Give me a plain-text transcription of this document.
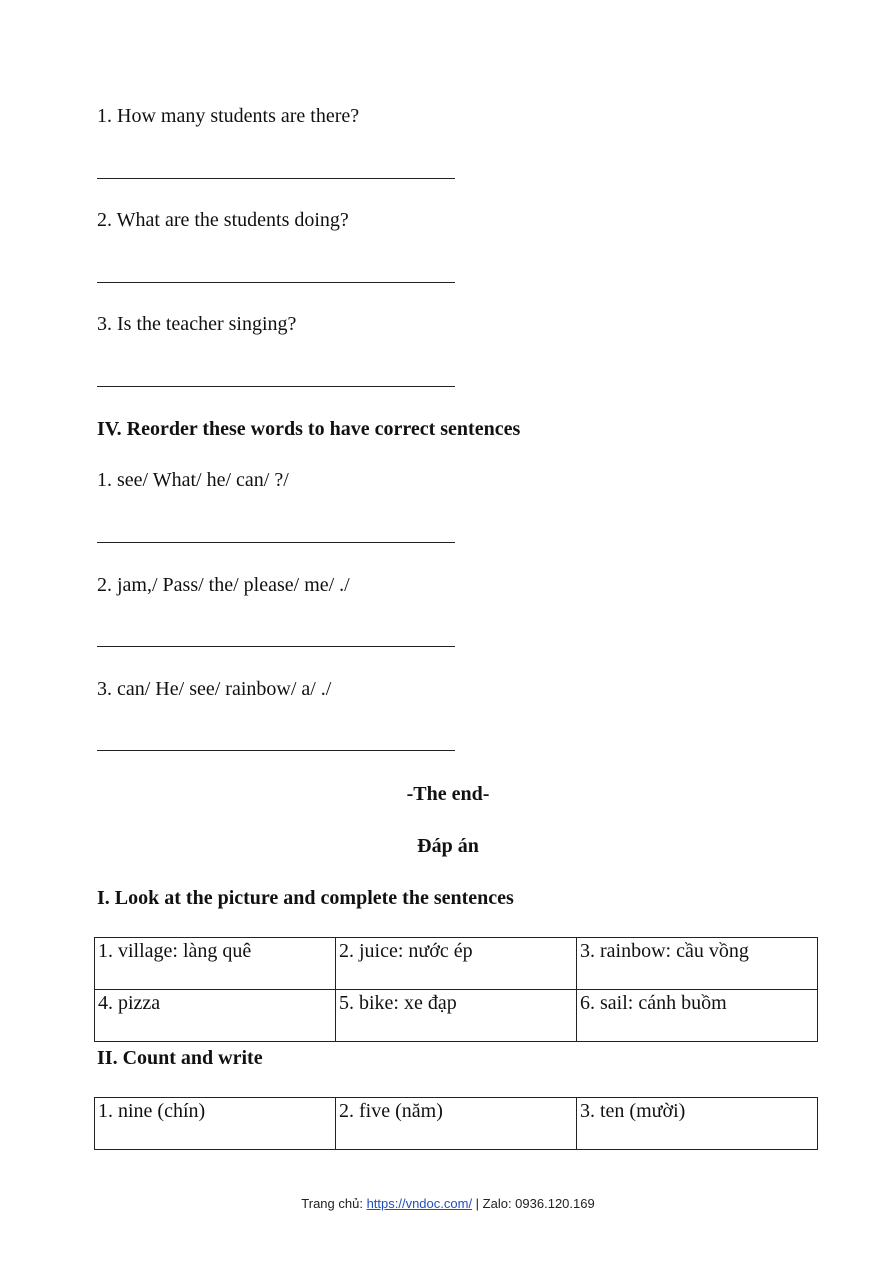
1. How many students are there?
2. What are the students doing?
3. Is the teacher singing?
IV. Reorder these words to have correct sentences
1. see/ What/ he/ can/ ?/
2. jam,/ Pass/ the/ please/ me/ ./
3. can/ He/ see/ rainbow/ a/ ./
-The end-
Đáp án
I. Look at the picture and complete the sentences
1. village: làng quê	2. juice: nước ép	3. rainbow: cầu vồng
4. pizza	5. bike: xe đạp	6. sail: cánh buồm
II. Count and write
1. nine (chín)	2. five (năm)	3. ten (mười)
Trang chủ: https://vndoc.com/ | Zalo: 0936.120.169
